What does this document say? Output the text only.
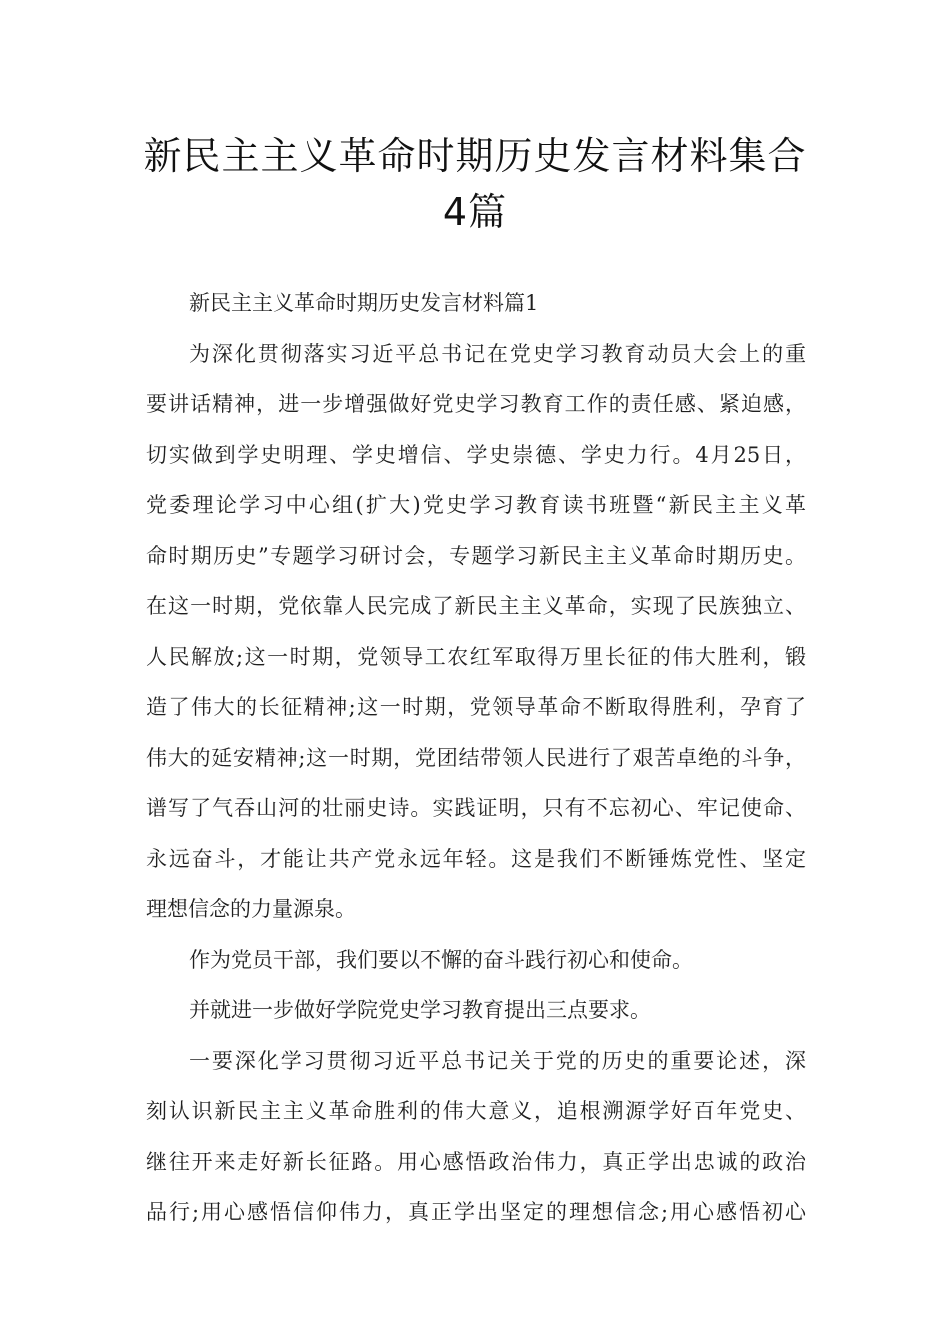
新民主主义革命时期历史发言材料集合
4篇
新民主主义革命时期历史发言材料篇1
为深化贯彻落实习近平总书记在党史学习教育动员大会上的重
要讲话精神，进一步增强做好党史学习教育工作的责任感、紧迫感，
切实做到学史明理、学史增信、学史崇德、学史力行。4月25日，
党委理论学习中心组(扩大)党史学习教育读书班暨“新民主主义革
命时期历史”专题学习研讨会，专题学习新民主主义革命时期历史。
在这一时期，党依靠人民完成了新民主主义革命，实现了民族独立、
人民解放;这一时期，党领导工农红军取得万里长征的伟大胜利，锻
造了伟大的长征精神;这一时期，党领导革命不断取得胜利，孕育了
伟大的延安精神;这一时期，党团结带领人民进行了艰苦卓绝的斗争，
谱写了气吞山河的壮丽史诗。实践证明，只有不忘初心、牢记使命、
永远奋斗，才能让共产党永远年轻。这是我们不断锤炼党性、坚定
理想信念的力量源泉。
作为党员干部，我们要以不懈的奋斗践行初心和使命。
并就进一步做好学院党史学习教育提出三点要求。
一要深化学习贯彻习近平总书记关于党的历史的重要论述，深
刻认识新民主主义革命胜利的伟大意义，追根溯源学好百年党史、
继往开来走好新长征路。用心感悟政治伟力，真正学出忠诚的政治
品行;用心感悟信仰伟力，真正学出坚定的理想信念;用心感悟初心
